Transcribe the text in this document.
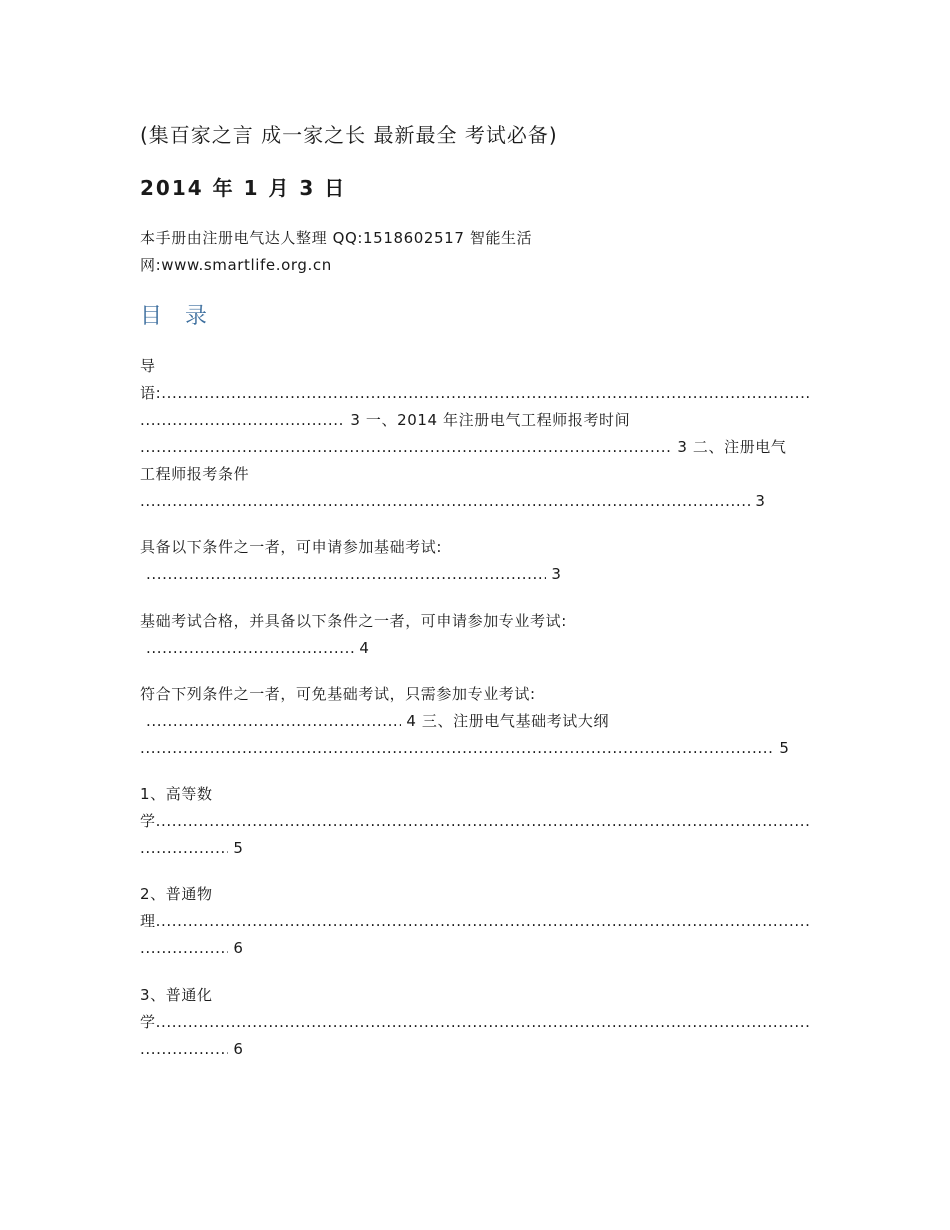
(集百家之言 成一家之长 最新最全 考试必备)
2014 年 1 月 3 日
本手册由注册电气达人整理 QQ:1518602517 智能生活
网:www.smartlife.org.cn
目 录
导
语: .....
..... 3 一、2014 年注册电气工程师报考时间
..... 3 二、注册电气
工程师报考条件
..... 3
具备以下条件之一者，可申请参加基础考试:
..... 3
基础考试合格，并具备以下条件之一者，可申请参加专业考试:
..... 4
符合下列条件之一者，可免基础考试，只需参加专业考试:
..... 4 三、注册电气基础考试大纲
..... 5
1、高等数
学 .....
..... 5
2、普通物
理 .....
..... 6
3、普通化
学 .....
..... 6
